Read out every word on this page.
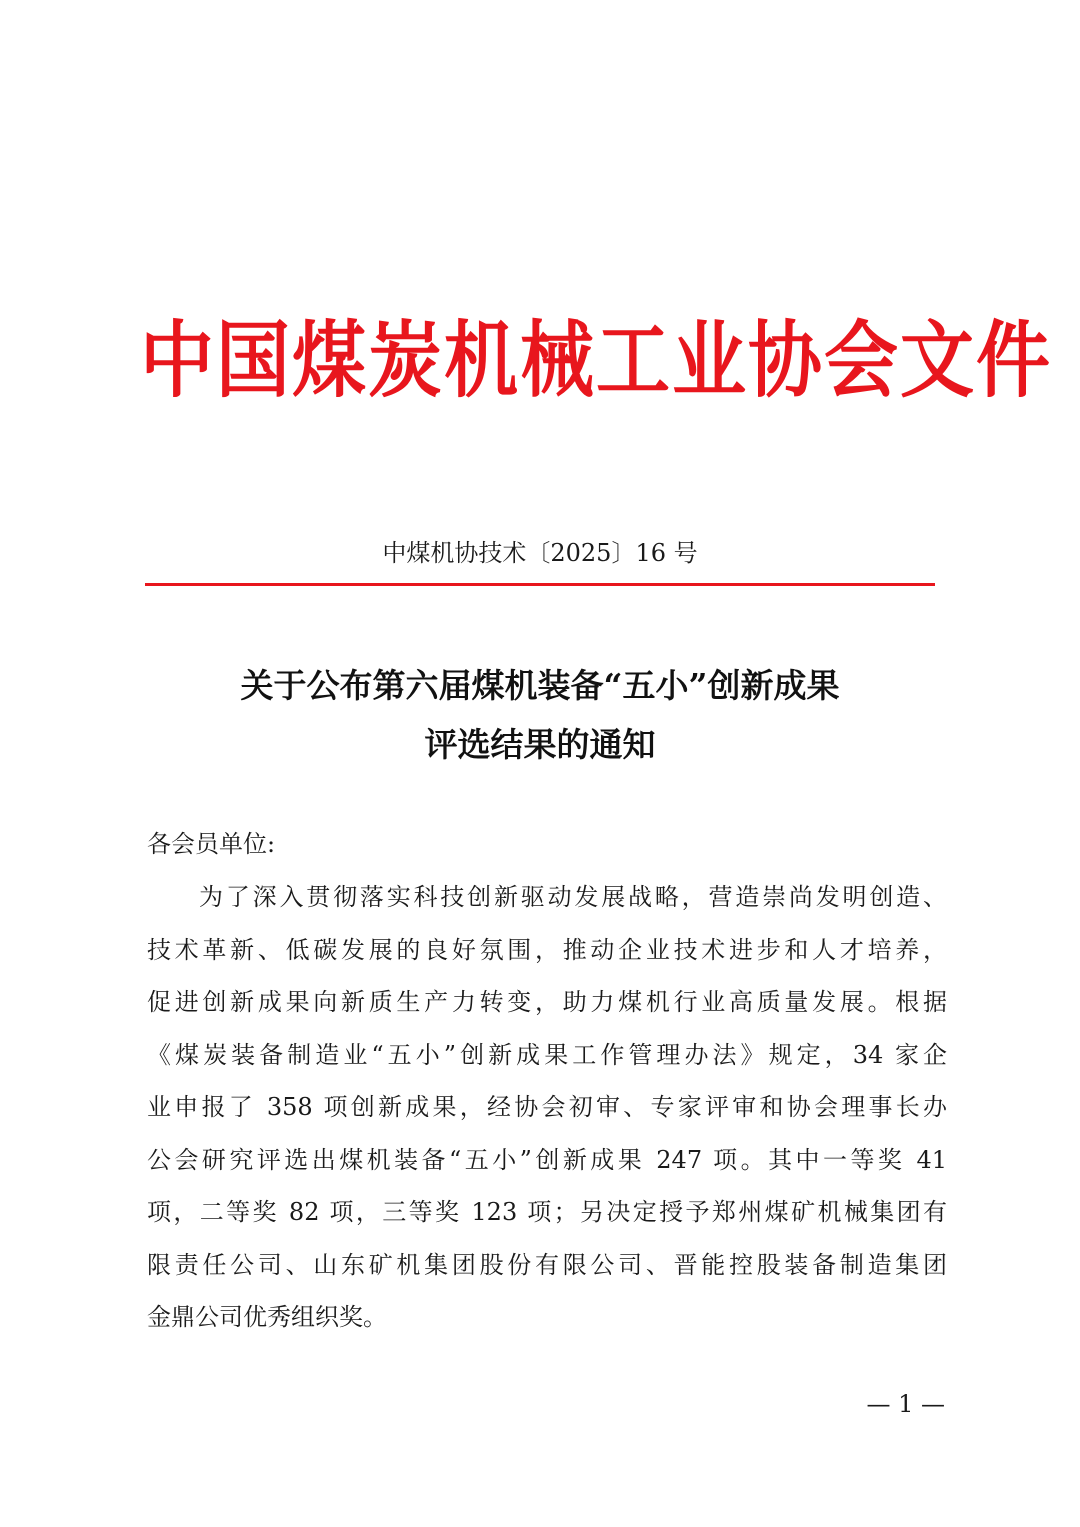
中国煤炭机械工业协会文件
中煤机协技术〔2025〕16 号
关于公布第六届煤机装备“五小”创新成果
评选结果的通知
各会员单位:
为了深入贯彻落实科技创新驱动发展战略，营造崇尚发明创造、
技术革新、低碳发展的良好氛围，推动企业技术进步和人才培养，
促进创新成果向新质生产力转变，助力煤机行业高质量发展。根据
《煤炭装备制造业“五小”创新成果工作管理办法》规定，34 家企
业申报了 358 项创新成果，经协会初审、专家评审和协会理事长办
公会研究评选出煤机装备“五小”创新成果 247 项。其中一等奖 41
项，二等奖 82 项，三等奖 123 项；另决定授予郑州煤矿机械集团有
限责任公司、山东矿机集团股份有限公司、晋能控股装备制造集团
金鼎公司优秀组织奖。
— 1 —
